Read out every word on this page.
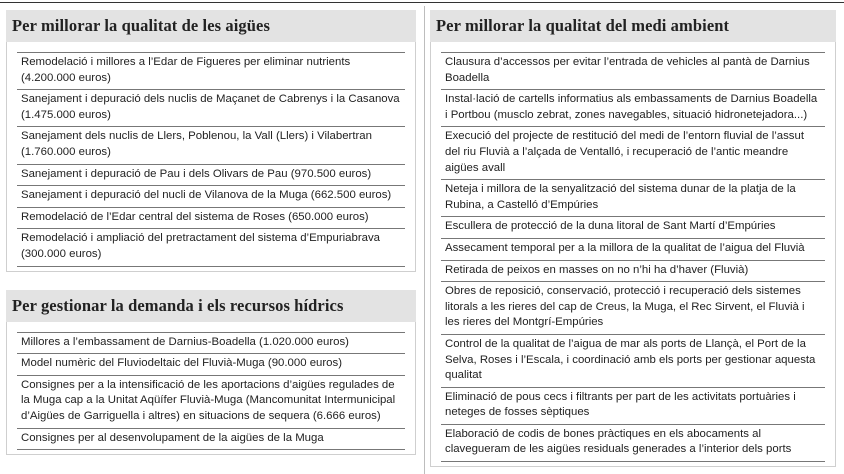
Per millorar la qualitat de les aigües
Remodelació i millores a l’Edar de Figueres per eliminar nutrients (4.200.000 euros)
Sanejament i depuració dels nuclis de Maçanet de Cabrenys i la Casanova (1.475.000 euros)
Sanejament dels nuclis de Llers, Poblenou, la Vall (Llers) i Vilabertran (1.760.000 euros)
Sanejament i depuració de Pau i dels Olivars de Pau (970.500 euros)
Sanejament i depuració del nucli de Vilanova de la Muga (662.500 euros)
Remodelació de l’Edar central del sistema de Roses (650.000 euros)
Remodelació i ampliació del pretractament del sistema d’Empuriabrava (300.000 euros)
Per gestionar la demanda i els recursos hídrics
Millores a l’embassament de Darnius-Boadella (1.020.000 euros)
Model numèric del Fluviodeltaic del Fluvià-Muga (90.000 euros)
Consignes per a la intensificació de les aportacions d’aigües regulades de la Muga cap a la Unitat Aqüífer Fluvià-Muga (Mancomunitat Intermunicipal d’Aigües de Garriguella i altres) en situacions de sequera (6.666 euros)
Consignes per al desenvolupament de la aigües de la Muga
Per millorar la qualitat del medi ambient
Clausura d’accessos per evitar l’entrada de vehicles al pantà de Darnius Boadella
Instal·lació de cartells informatius als embassaments de Darnius Boadella i Portbou (musclo zebrat, zones navegables, situació hidronetejadora...)
Execució del projecte de restitució del medi de l’entorn fluvial de l’assut del riu Fluvià a l’alçada de Ventalló, i recuperació de l’antic meandre aigües avall
Neteja i millora de la senyalització del sistema dunar de la platja de la Rubina, a Castelló d’Empúries
Escullera de protecció de la duna litoral de Sant Martí d’Empúries
Assecament temporal per a la millora de la qualitat de l’aigua del Fluvià
Retirada de peixos en masses on no n’hi ha d’haver (Fluvià)
Obres de reposició, conservació, protecció i recuperació dels sistemes litorals a les rieres del cap de Creus, la Muga, el Rec Sirvent, el Fluvià i les rieres del Montgrí-Empúries
Control de la qualitat de l’aigua de mar als ports de Llançà, el Port de la Selva, Roses i l’Escala, i coordinació amb els ports per gestionar aquesta qualitat
Eliminació de pous cecs i filtrants per part de les activitats portuàries i neteges de fosses sèptiques
Elaboració de codis de bones pràctiques en els abocaments al clavegueram de les aigües residuals generades a l’interior dels ports
